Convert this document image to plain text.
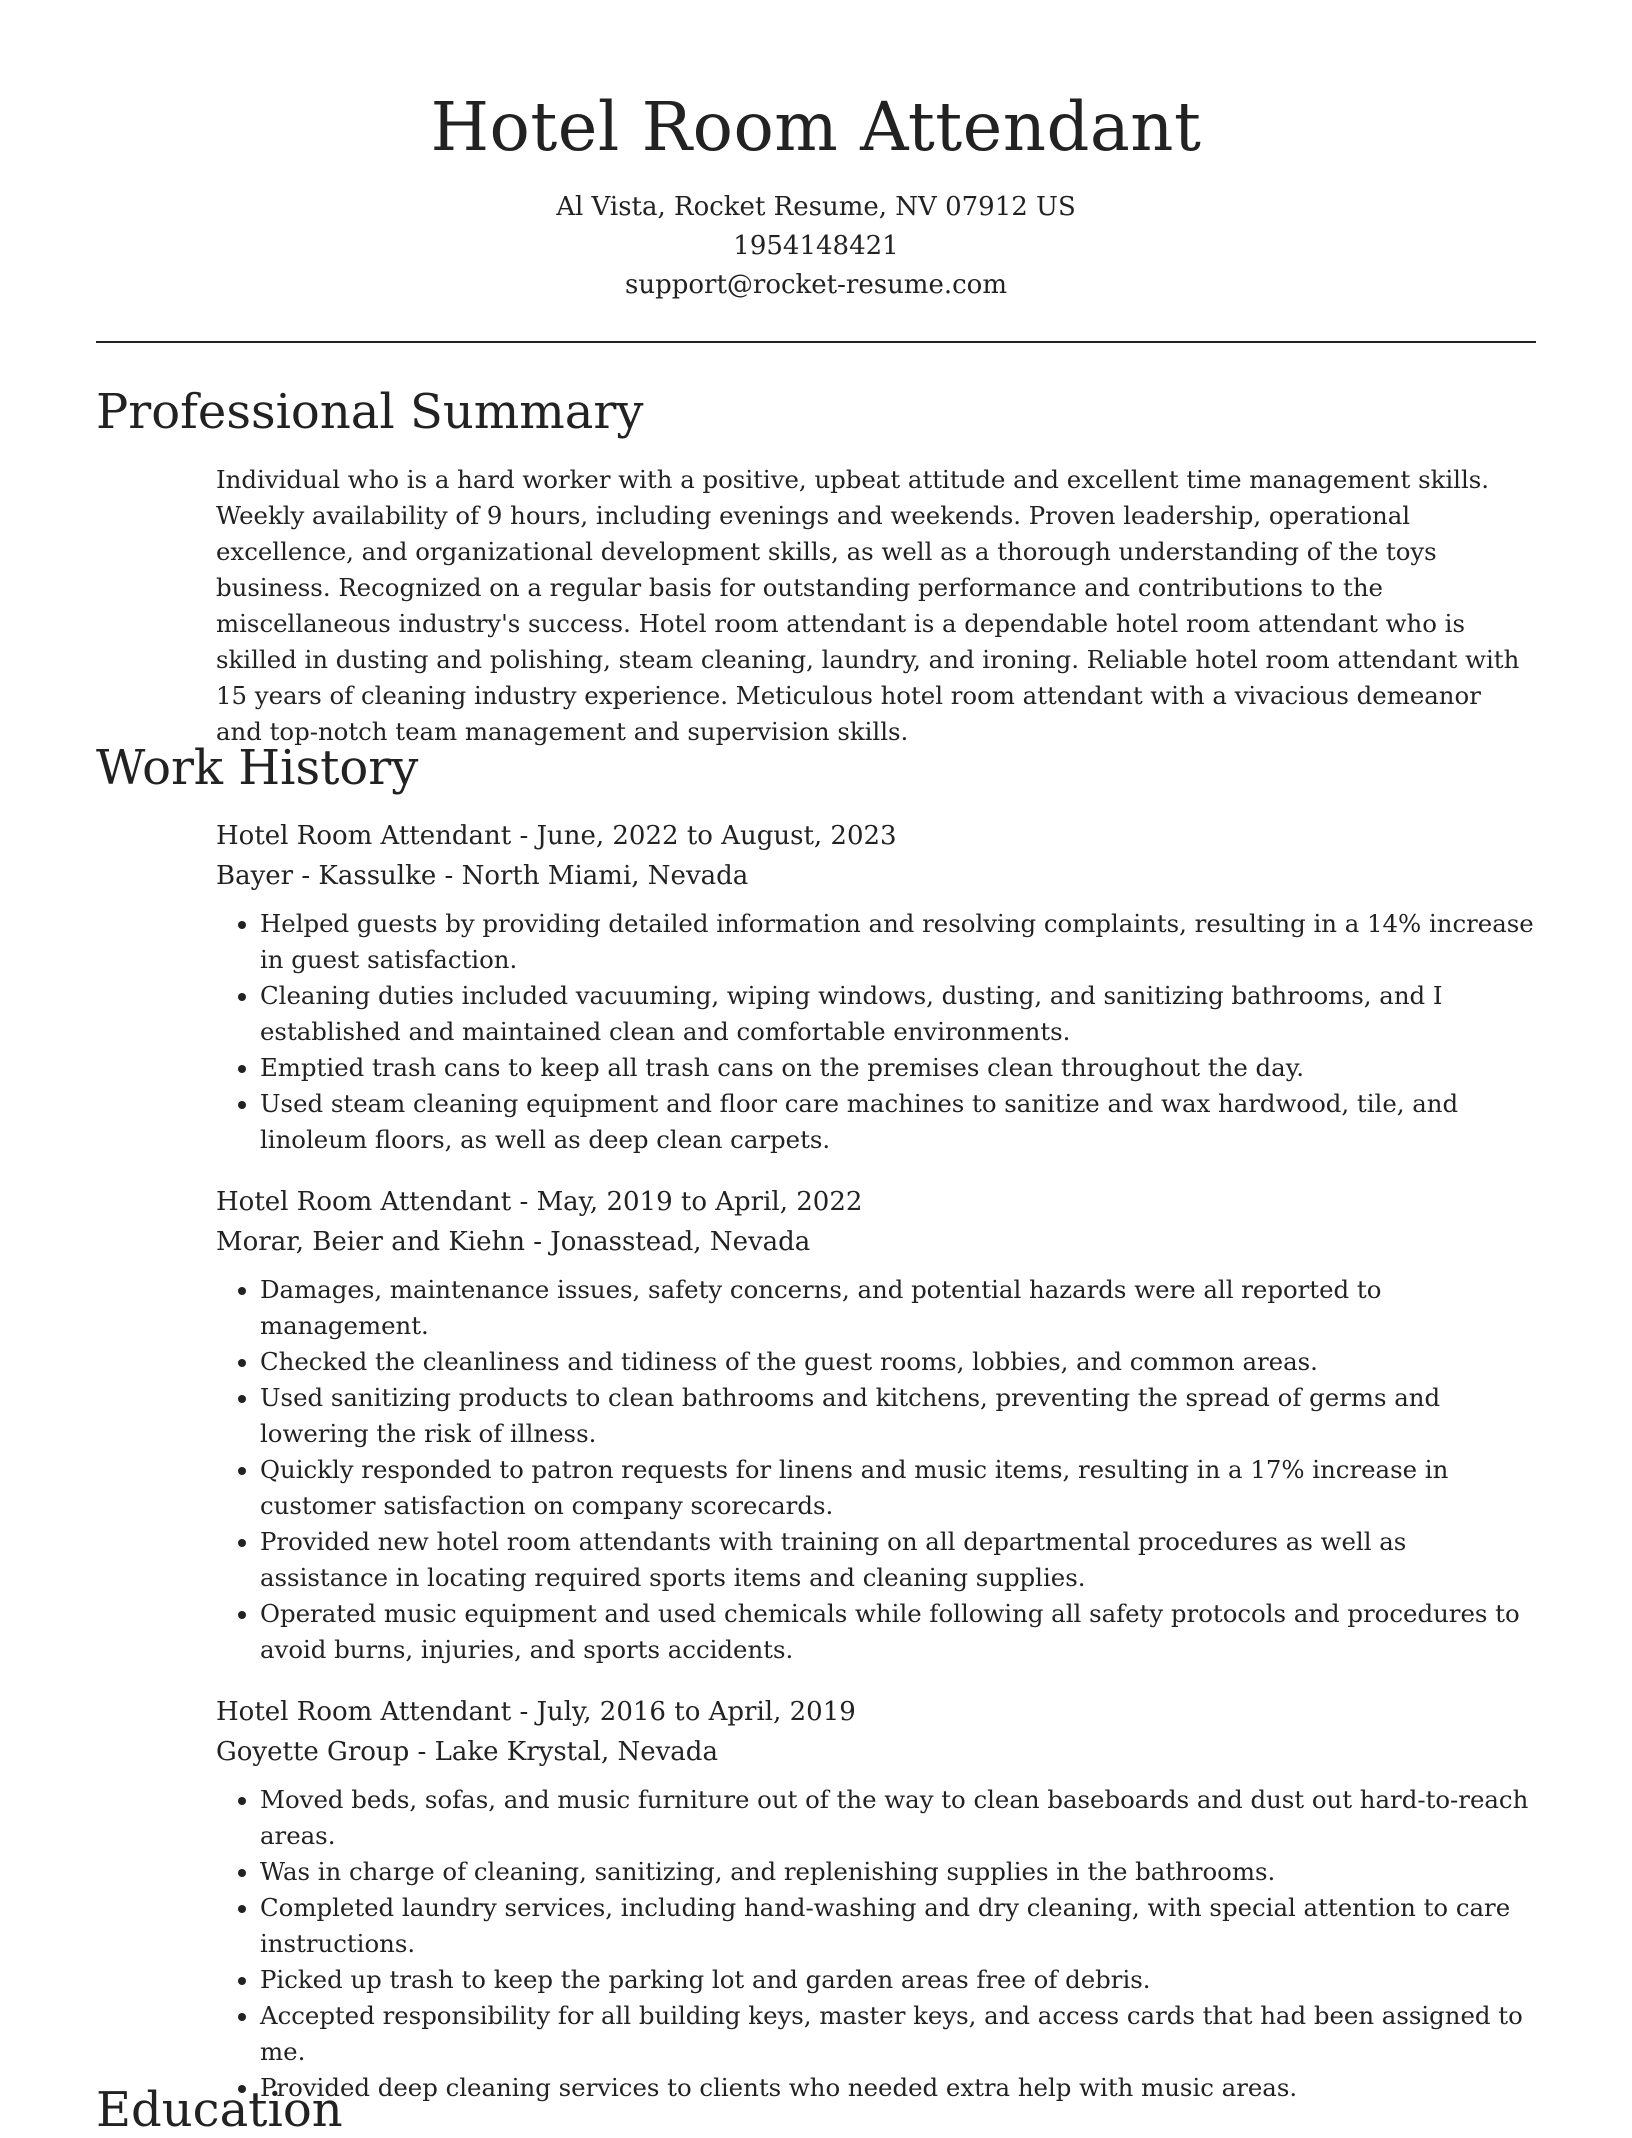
Hotel Room Attendant
Al Vista, Rocket Resume, NV 07912 US
1954148421
support@rocket-resume.com
Professional Summary

Individual who is a hard worker with a positive, upbeat attitude and excellent time management skills. Weekly availability of 9 hours, including evenings and weekends. Proven leadership, operational excellence, and organizational development skills, as well as a thorough understanding of the toys business. Recognized on a regular basis for outstanding performance and contributions to the miscellaneous industry's success. Hotel room attendant is a dependable hotel room attendant who is skilled in dusting and polishing, steam cleaning, laundry, and ironing. Reliable hotel room attendant with 15 years of cleaning industry experience. Meticulous hotel room attendant with a vivacious demeanor and top-notch team management and supervision skills.

Work History
Hotel Room Attendant - June, 2022 to August, 2023
Bayer - Kassulke - North Miami, Nevada
• Helped guests by providing detailed information and resolving complaints, resulting in a 14% increase in guest satisfaction.
• Cleaning duties included vacuuming, wiping windows, dusting, and sanitizing bathrooms, and I established and maintained clean and comfortable environments.
• Emptied trash cans to keep all trash cans on the premises clean throughout the day.
• Used steam cleaning equipment and floor care machines to sanitize and wax hardwood, tile, and linoleum floors, as well as deep clean carpets.
Hotel Room Attendant - May, 2019 to April, 2022
Morar, Beier and Kiehn - Jonasstead, Nevada
• Damages, maintenance issues, safety concerns, and potential hazards were all reported to management.
• Checked the cleanliness and tidiness of the guest rooms, lobbies, and common areas.
• Used sanitizing products to clean bathrooms and kitchens, preventing the spread of germs and lowering the risk of illness.
• Quickly responded to patron requests for linens and music items, resulting in a 17% increase in customer satisfaction on company scorecards.
• Provided new hotel room attendants with training on all departmental procedures as well as assistance in locating required sports items and cleaning supplies.
• Operated music equipment and used chemicals while following all safety protocols and procedures to avoid burns, injuries, and sports accidents.
Hotel Room Attendant - July, 2016 to April, 2019
Goyette Group - Lake Krystal, Nevada
• Moved beds, sofas, and music furniture out of the way to clean baseboards and dust out hard-to-reach areas.
• Was in charge of cleaning, sanitizing, and replenishing supplies in the bathrooms.
• Completed laundry services, including hand-washing and dry cleaning, with special attention to care instructions.
• Picked up trash to keep the parking lot and garden areas free of debris.
• Accepted responsibility for all building keys, master keys, and access cards that had been assigned to me.
• Provided deep cleaning services to clients who needed extra help with music areas.
Education
